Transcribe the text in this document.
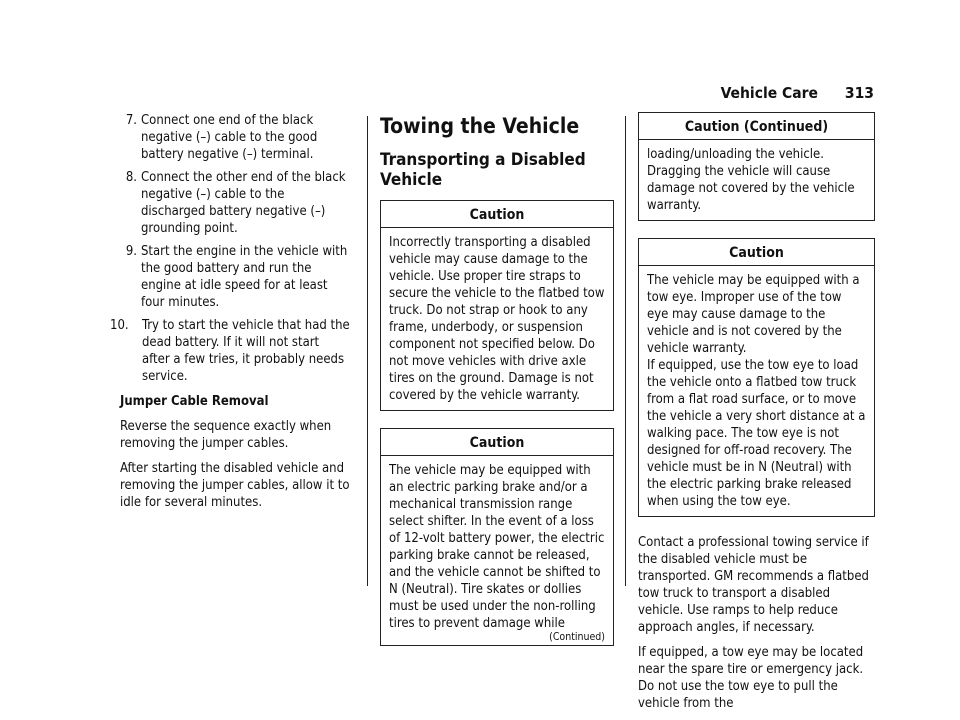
Vehicle Care 313
7. Connect one end of the black negative (–) cable to the good battery negative (–) terminal.
8. Connect the other end of the black negative (–) cable to the discharged battery negative (–) grounding point.
9. Start the engine in the vehicle with the good battery and run the engine at idle speed for at least four minutes.
10. Try to start the vehicle that had the dead battery. If it will not start after a few tries, it probably needs service.

Jumper Cable Removal

Reverse the sequence exactly when removing the jumper cables.

After starting the disabled vehicle and removing the jumper cables, allow it to idle for several minutes.

Towing the Vehicle
Transporting a Disabled Vehicle
Caution

Incorrectly transporting a disabled vehicle may cause damage to the vehicle. Use proper tire straps to secure the vehicle to the flatbed tow truck. Do not strap or hook to any frame, underbody, or suspension component not specified below. Do not move vehicles with drive axle tires on the ground. Damage is not covered by the vehicle warranty.

Caution

The vehicle may be equipped with an electric parking brake and/or a mechanical transmission range select shifter. In the event of a loss of 12-volt battery power, the electric parking brake cannot be released, and the vehicle cannot be shifted to N (Neutral). Tire skates or dollies must be used under the non-rolling tires to prevent damage while

(Continued)
Caution (Continued)

loading/unloading the vehicle. Dragging the vehicle will cause damage not covered by the vehicle warranty.

Caution

The vehicle may be equipped with a tow eye. Improper use of the tow eye may cause damage to the vehicle and is not covered by the vehicle warranty.

If equipped, use the tow eye to load the vehicle onto a flatbed tow truck from a flat road surface, or to move the vehicle a very short distance at a walking pace. The tow eye is not designed for off-road recovery. The vehicle must be in N (Neutral) with the electric parking brake released when using the tow eye.

Contact a professional towing service if the disabled vehicle must be transported. GM recommends a flatbed tow truck to transport a disabled vehicle. Use ramps to help reduce approach angles, if necessary.

If equipped, a tow eye may be located near the spare tire or emergency jack. Do not use the tow eye to pull the vehicle from the
